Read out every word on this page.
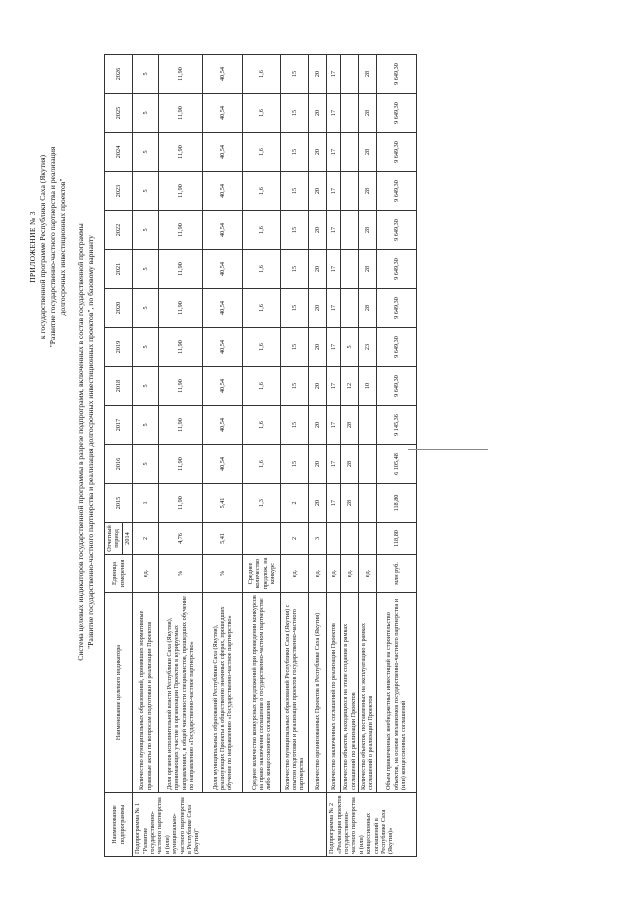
ПРИЛОЖЕНИЕ № 3 к государственной программе Республики Саха (Якутия) "Развитие государственно-частного партнерства и реализация долгосрочных инвестиционных проектов" Система целевых индикаторов государственной программы в разрезе подпрограмм, включенных в состав государственной программы "Развитие государственно-частного партнерства и реализация долгосрочных инвестиционных проектов", по базовому варианту
Наименование подпрограммы	Наименование целевого индикатора	Единица измерения	Отчетный период	2015	2016	2017	2018	2019	2020	2021	2022	2023	2024	2025	2026
			2014												
Подпрограмма № 1 "Развитие государственно-частного партнерства и (или) муниципально-частного партнерства в Республике Саха (Якутия)"	Количество муниципальных образований, принявших нормативные правовые акты по вопросам подготовки и реализации Проектов	ед.	2	1	5	5	5	5	5	5	5	5	5	5	5
	Доля органов исполнительной власти Республики Саха (Якутия), принимающих участие в организации Проектов в курируемых направлениях, в общей численности специалистов, прошедших обучение по направлению «Государственно-частное партнерство»	%	4,76	11,90	11,90	11,90	11,90	11,90	11,90	11,90	11,90	11,90	11,90	11,90	11,90
	Доля муниципальных образований Республики Саха (Якутия), реализующих Проекты в общественно значимых сферах, прошедших обучение по направлению «Государственно-частное партнерство»	%	5,41	5,41	40,54	40,54	40,54	40,54	40,54	40,54	40,54	40,54	40,54	40,54	40,54
	Среднее количество конкурсных предложений при проведении конкурсов на право заключения соглашения о государственно-частном партнерстве либо концессионного соглашения	Среднее количество предлож. на конкурс		1,3	1,6	1,6	1,6	1,6	1,6	1,6	1,6	1,6	1,6	1,6	1,6
	Количество муниципальных образований Республики Саха (Якутия) с опытом подготовки и реализации проектов государственно-частного партнерства	ед.	2	2	15	15	15	15	15	15	15	15	15	15	15
	Количество организованных Проектов в Республике Саха (Якутия)	ед.	3	20	20	20	20	20	20	20	20	20	20	20	20
Подпрограмма № 2 «Реализация проектов государственно-частного партнерства и (или) концессионных соглашений в Республике Саха (Якутия)»	Количество заключенных соглашений по реализации Проектов	ед.		17	17	17	17	17	17	17	17	17	17	17	17
	Количество объектов, находящихся на этапе создания в рамках соглашений по реализации Проектов	ед.		28	28	28	12	5							
	Количество объектов, поставленных на эксплуатацию в рамках соглашений о реализации Проектов	ед.					10	23	28	28	28	28	28	28	28
	Объем привлеченных внебюджетных инвестиций на строительство объектов, на основе механизмов государственно-частного партнерства и (или) концессионных соглашений	млн руб.	118,80	118,80	6 105,48	9 145,36	9 649,30	9 649,30	9 649,30	9 649,30	9 649,30	9 649,30	9 649,30	9 649,30	9 649,30
